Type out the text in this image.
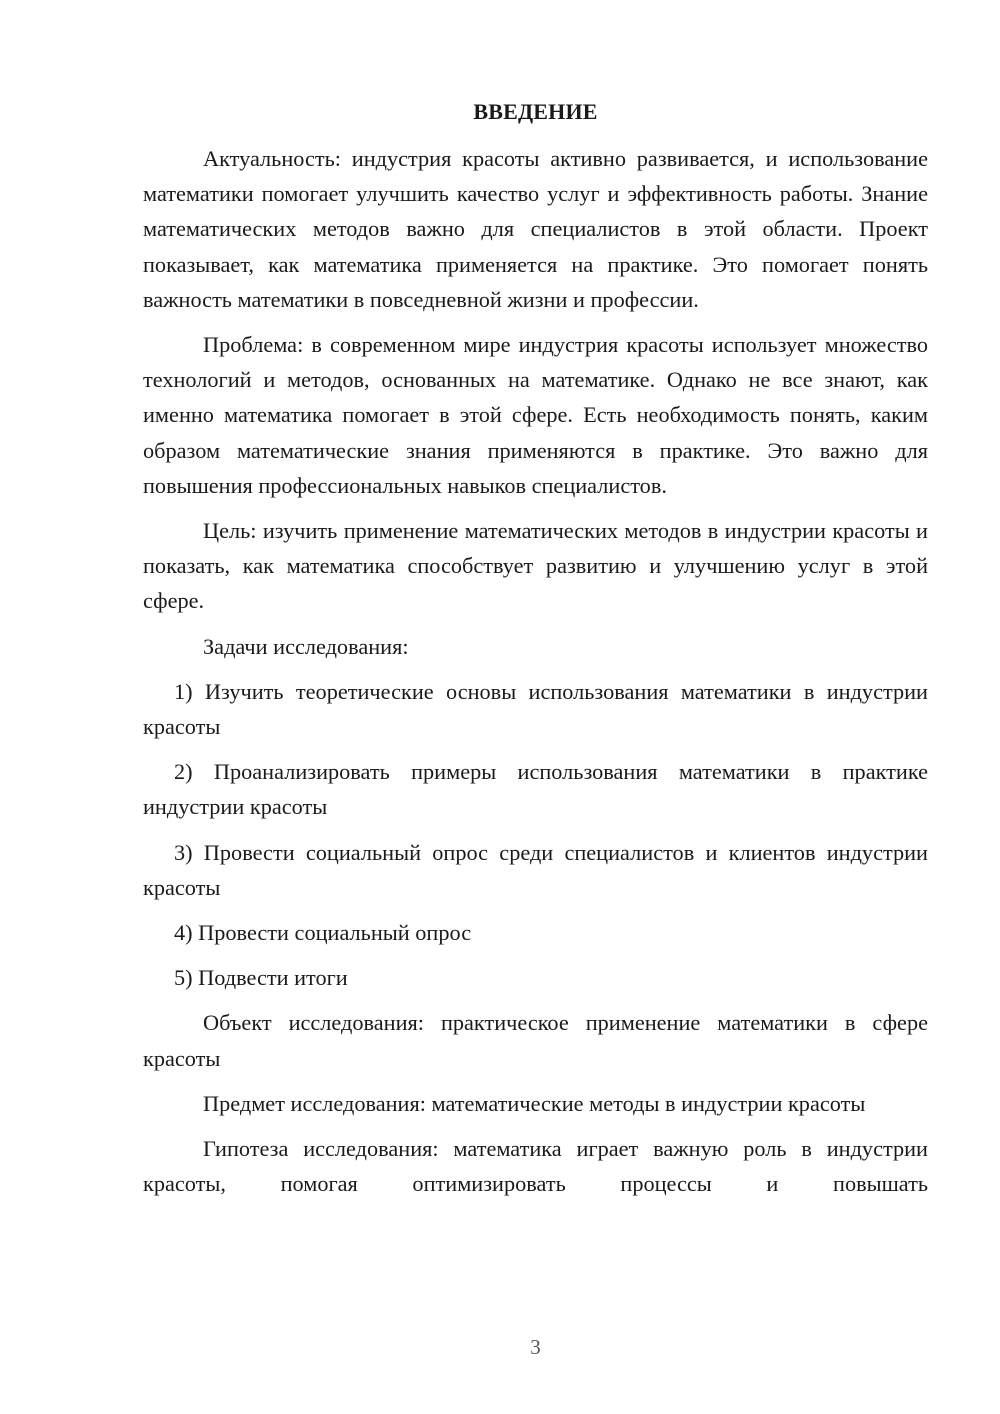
ВВЕДЕНИЕ

Актуальность: индустрия красоты активно развивается, и использование математики помогает улучшить качество услуг и эффективность работы. Знание математических методов важно для специалистов в этой области. Проект показывает, как математика применяется на практике. Это помогает понять важность математики в повседневной жизни и профессии.

Проблема: в современном мире индустрия красоты использует множество технологий и методов, основанных на математике. Однако не все знают, как именно математика помогает в этой сфере. Есть необходимость понять, каким образом математические знания применяются в практике. Это важно для повышения профессиональных навыков специалистов.

Цель: изучить применение математических методов в индустрии красоты и показать, как математика способствует развитию и улучшению услуг в этой сфере.

Задачи исследования:

1) Изучить теоретические основы использования математики в индустрии красоты

2) Проанализировать примеры использования математики в практике индустрии красоты

3) Провести социальный опрос среди специалистов и клиентов индустрии красоты

4) Провести социальный опрос

5) Подвести итоги

Объект исследования: практическое применение математики в сфере красоты

Предмет исследования: математические методы в индустрии красоты

Гипотеза исследования: математика играет важную роль в индустрии красоты, помогая оптимизировать процессы и повышать

3
